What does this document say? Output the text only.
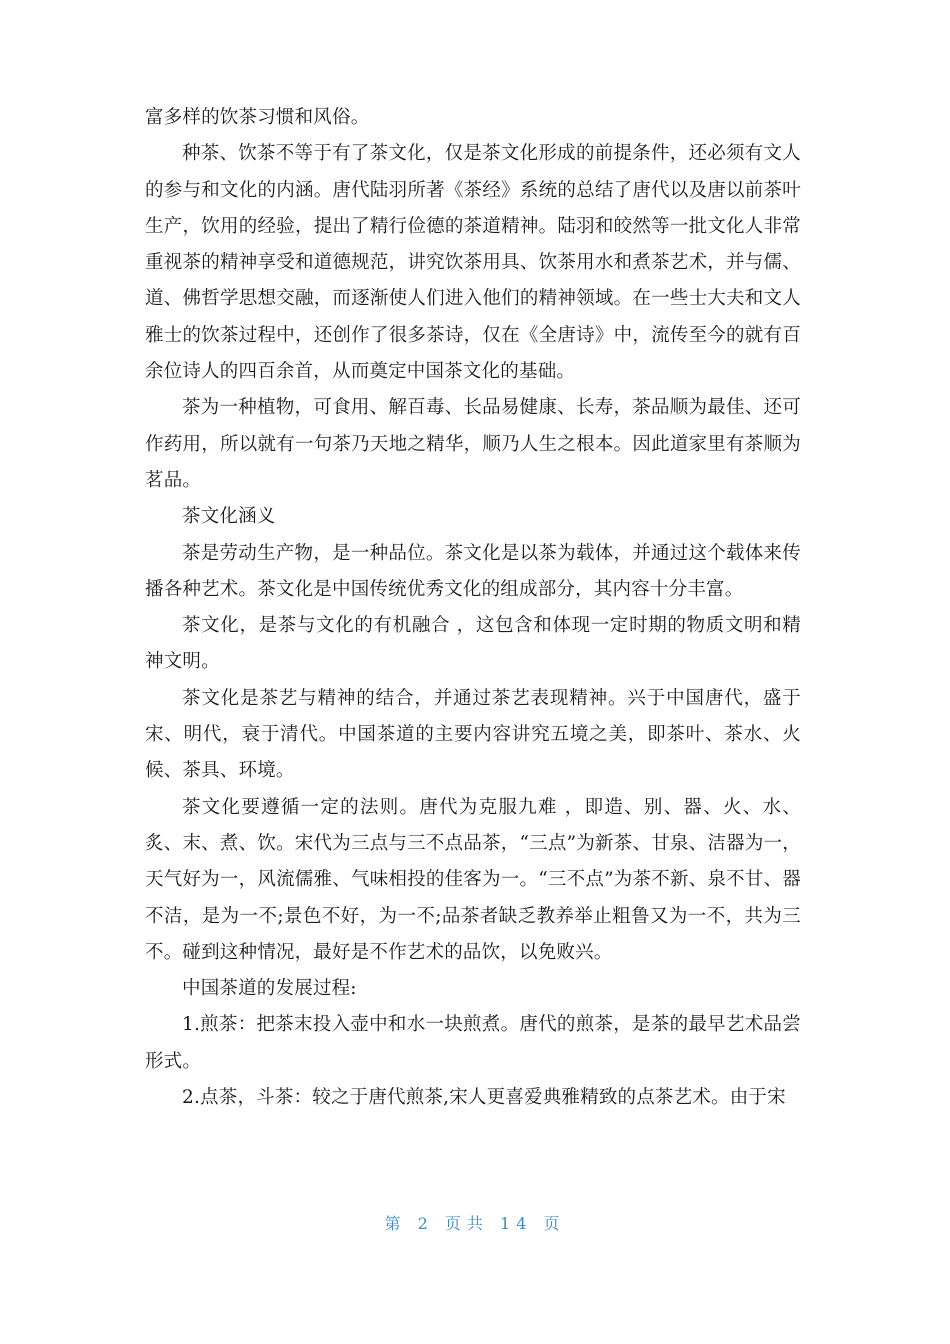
富多样的饮茶习惯和风俗。

种茶、饮茶不等于有了茶文化，仅是茶文化形成的前提条件，还必须有文人的参与和文化的内涵。唐代陆羽所著《茶经》系统的总结了唐代以及唐以前茶叶生产，饮用的经验，提出了精行俭德的茶道精神。陆羽和皎然等一批文化人非常重视茶的精神享受和道德规范，讲究饮茶用具、饮茶用水和煮茶艺术，并与儒、道、佛哲学思想交融，而逐渐使人们进入他们的精神领域。在一些士大夫和文人雅士的饮茶过程中，还创作了很多茶诗，仅在《全唐诗》中，流传至今的就有百余位诗人的四百余首，从而奠定中国茶文化的基础。

茶为一种植物，可食用、解百毒、长品易健康、长寿，茶品顺为最佳、还可作药用，所以就有一句茶乃天地之精华，顺乃人生之根本。因此道家里有茶顺为茗品。

茶文化涵义

茶是劳动生产物，是一种品位。茶文化是以茶为载体，并通过这个载体来传播各种艺术。茶文化是中国传统优秀文化的组成部分，其内容十分丰富。

茶文化，是茶与文化的有机融合 ，这包含和体现一定时期的物质文明和精神文明。

茶文化是茶艺与精神的结合，并通过茶艺表现精神。兴于中国唐代，盛于宋、明代，衰于清代。中国茶道的主要内容讲究五境之美，即茶叶、茶水、火候、茶具、环境。

茶文化要遵循一定的法则。唐代为克服九难 ，即造、别、器、火、水、炙、末、煮、饮。宋代为三点与三不点品茶，“三点”为新茶、甘泉、洁器为一，天气好为一，风流儒雅、气味相投的佳客为一。“三不点”为茶不新、泉不甘、器不洁，是为一不;景色不好，为一不;品茶者缺乏教养举止粗鲁又为一不，共为三不。碰到这种情况，最好是不作艺术的品饮，以免败兴。

中国茶道的发展过程:

1.煎茶：把茶末投入壶中和水一块煎煮。唐代的煎茶，是茶的最早艺术品尝形式。

2.点茶，斗茶：较之于唐代煎茶,宋人更喜爱典雅精致的点茶艺术。由于宋

第 2 页共 14 页
